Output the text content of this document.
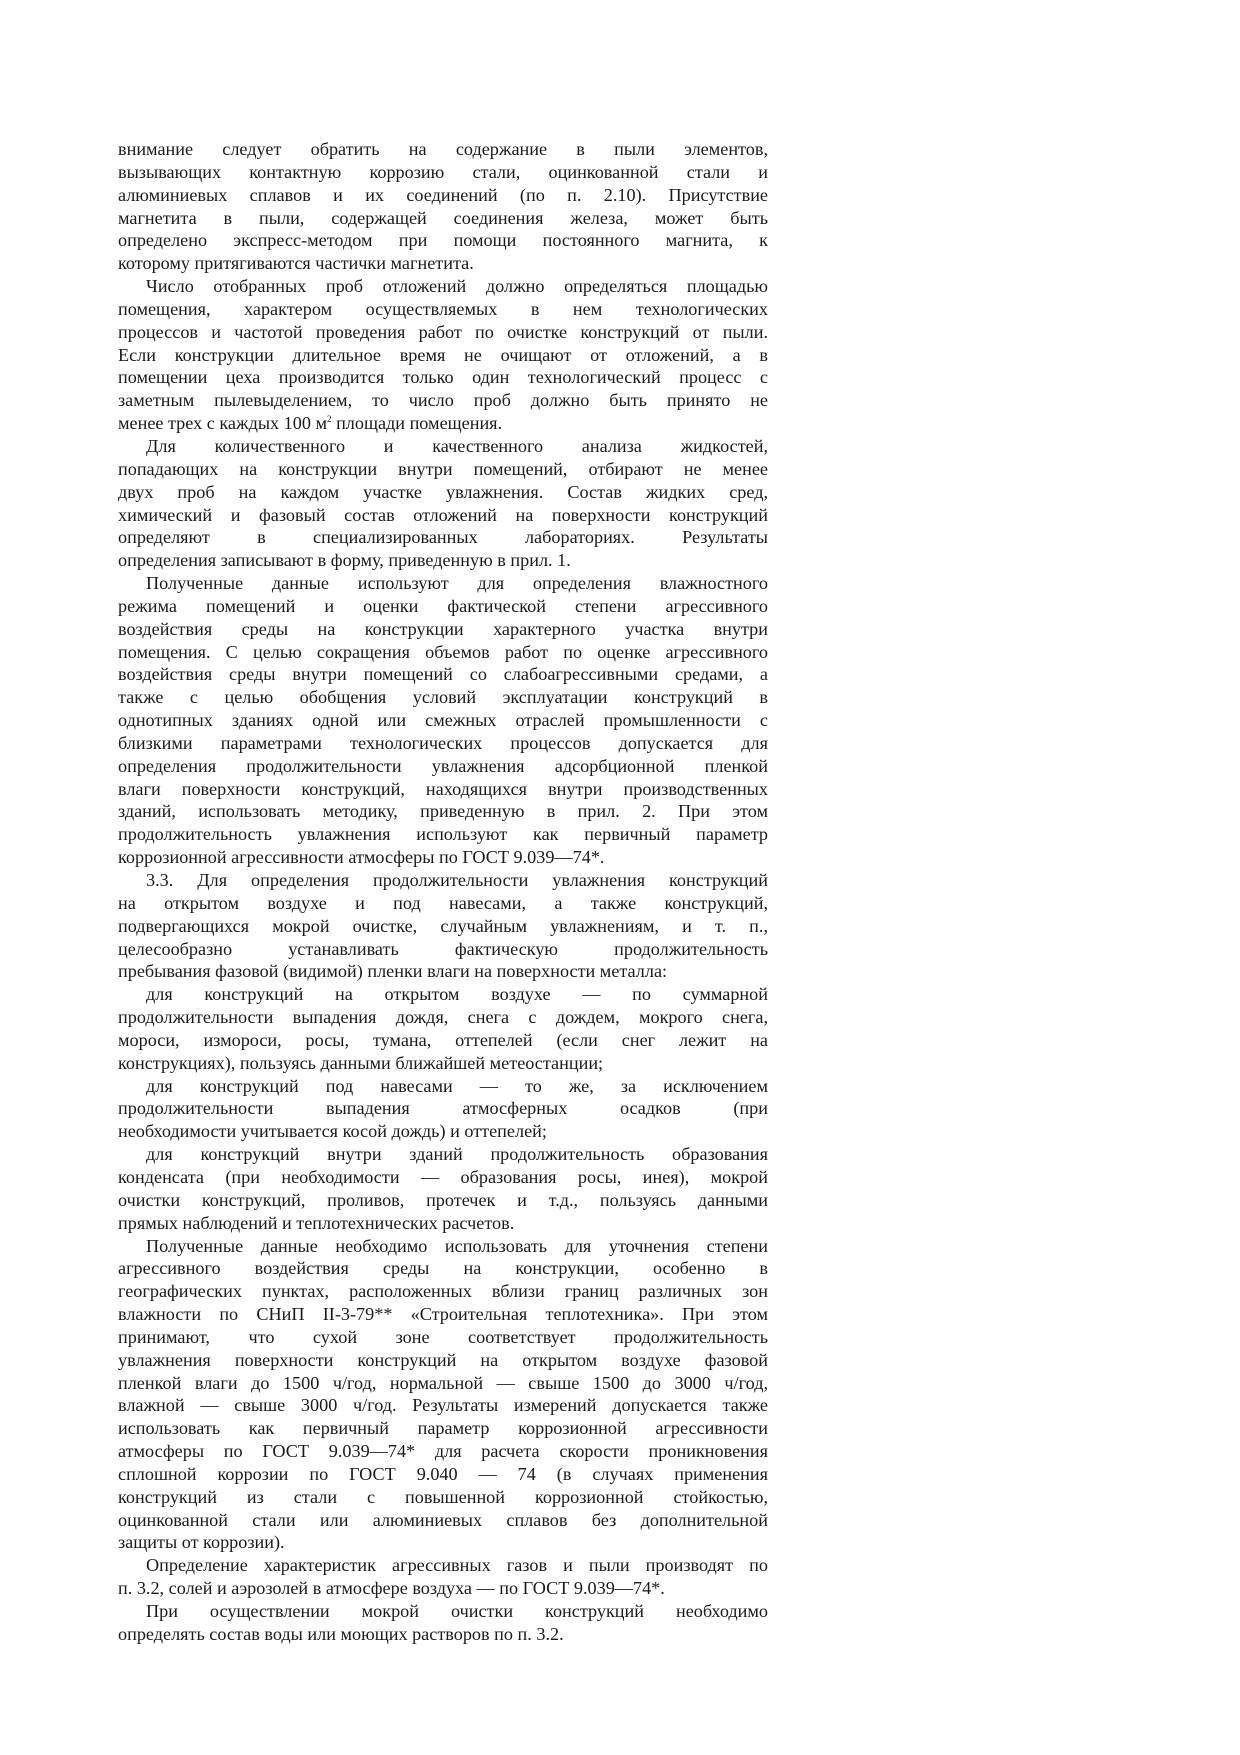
внимание следует обратить на содержание в пыли элементов,
вызывающих контактную коррозию стали, оцинкованной стали и
алюминиевых сплавов и их соединений (по п. 2.10). Присутствие
магнетита в пыли, содержащей соединения железа, может быть
определено экспресс-методом при помощи постоянного магнита, к
которому притягиваются частички магнетита.
Число отобранных проб отложений должно определяться площадью
помещения, характером осуществляемых в нем технологических
процессов и частотой проведения работ по очистке конструкций от пыли.
Если конструкции длительное время не очищают от отложений, а в
помещении цеха производится только один технологический процесс с
заметным пылевыделением, то число проб должно быть принято не
менее трех с каждых 100 $м^2$ площади помещения.
Для количественного и качественного анализа жидкостей,
попадающих на конструкции внутри помещений, отбирают не менее
двух проб на каждом участке увлажнения. Состав жидких сред,
химический и фазовый состав отложений на поверхности конструкций
определяют в специализированных лабораториях. Результаты
определения записывают в форму, приведенную в прил. 1.
Полученные данные используют для определения влажностного
режима помещений и оценки фактической степени агрессивного
воздействия среды на конструкции характерного участка внутри
помещения. С целью сокращения объемов работ по оценке агрессивного
воздействия среды внутри помещений со слабоагрессивными средами, а
также с целью обобщения условий эксплуатации конструкций в
однотипных зданиях одной или смежных отраслей промышленности с
близкими параметрами технологических процессов допускается для
определения продолжительности увлажнения адсорбционной пленкой
влаги поверхности конструкций, находящихся внутри производственных
зданий, использовать методику, приведенную в прил. 2. При этом
продолжительность увлажнения используют как первичный параметр
коррозионной агрессивности атмосферы по ГОСТ 9.039—74*.
3.3. Для определения продолжительности увлажнения конструкций
на открытом воздухе и под навесами, а также конструкций,
подвергающихся мокрой очистке, случайным увлажнениям, и т. п.,
целесообразно устанавливать фактическую продолжительность
пребывания фазовой (видимой) пленки влаги на поверхности металла:
для конструкций на открытом воздухе — по суммарной
продолжительности выпадения дождя, снега с дождем, мокрого снега,
мороси, измороси, росы, тумана, оттепелей (если снег лежит на
конструкциях), пользуясь данными ближайшей метеостанции;
для конструкций под навесами — то же, за исключением
продолжительности выпадения атмосферных осадков (при
необходимости учитывается косой дождь) и оттепелей;
для конструкций внутри зданий продолжительность образования
конденсата (при необходимости — образования росы, инея), мокрой
очистки конструкций, проливов, протечек и т.д., пользуясь данными
прямых наблюдений и теплотехнических расчетов.
Полученные данные необходимо использовать для уточнения степени
агрессивного воздействия среды на конструкции, особенно в
географических пунктах, расположенных вблизи границ различных зон
влажности по СНиП II-3-79** «Строительная теплотехника». При этом
принимают, что сухой зоне соответствует продолжительность
увлажнения поверхности конструкций на открытом воздухе фазовой
пленкой влаги до 1500 ч/год, нормальной — свыше 1500 до 3000 ч/год,
влажной — свыше 3000 ч/год. Результаты измерений допускается также
использовать как первичный параметр коррозионной агрессивности
атмосферы по ГОСТ 9.039—74* для расчета скорости проникновения
сплошной коррозии по ГОСТ 9.040 — 74 (в случаях применения
конструкций из стали с повышенной коррозионной стойкостью,
оцинкованной стали или алюминиевых сплавов без дополнительной
защиты от коррозии).
Определение характеристик агрессивных газов и пыли производят по
п. 3.2, солей и аэрозолей в атмосфере воздуха — по ГОСТ 9.039—74*.
При осуществлении мокрой очистки конструкций необходимо
определять состав воды или моющих растворов по п. 3.2.
